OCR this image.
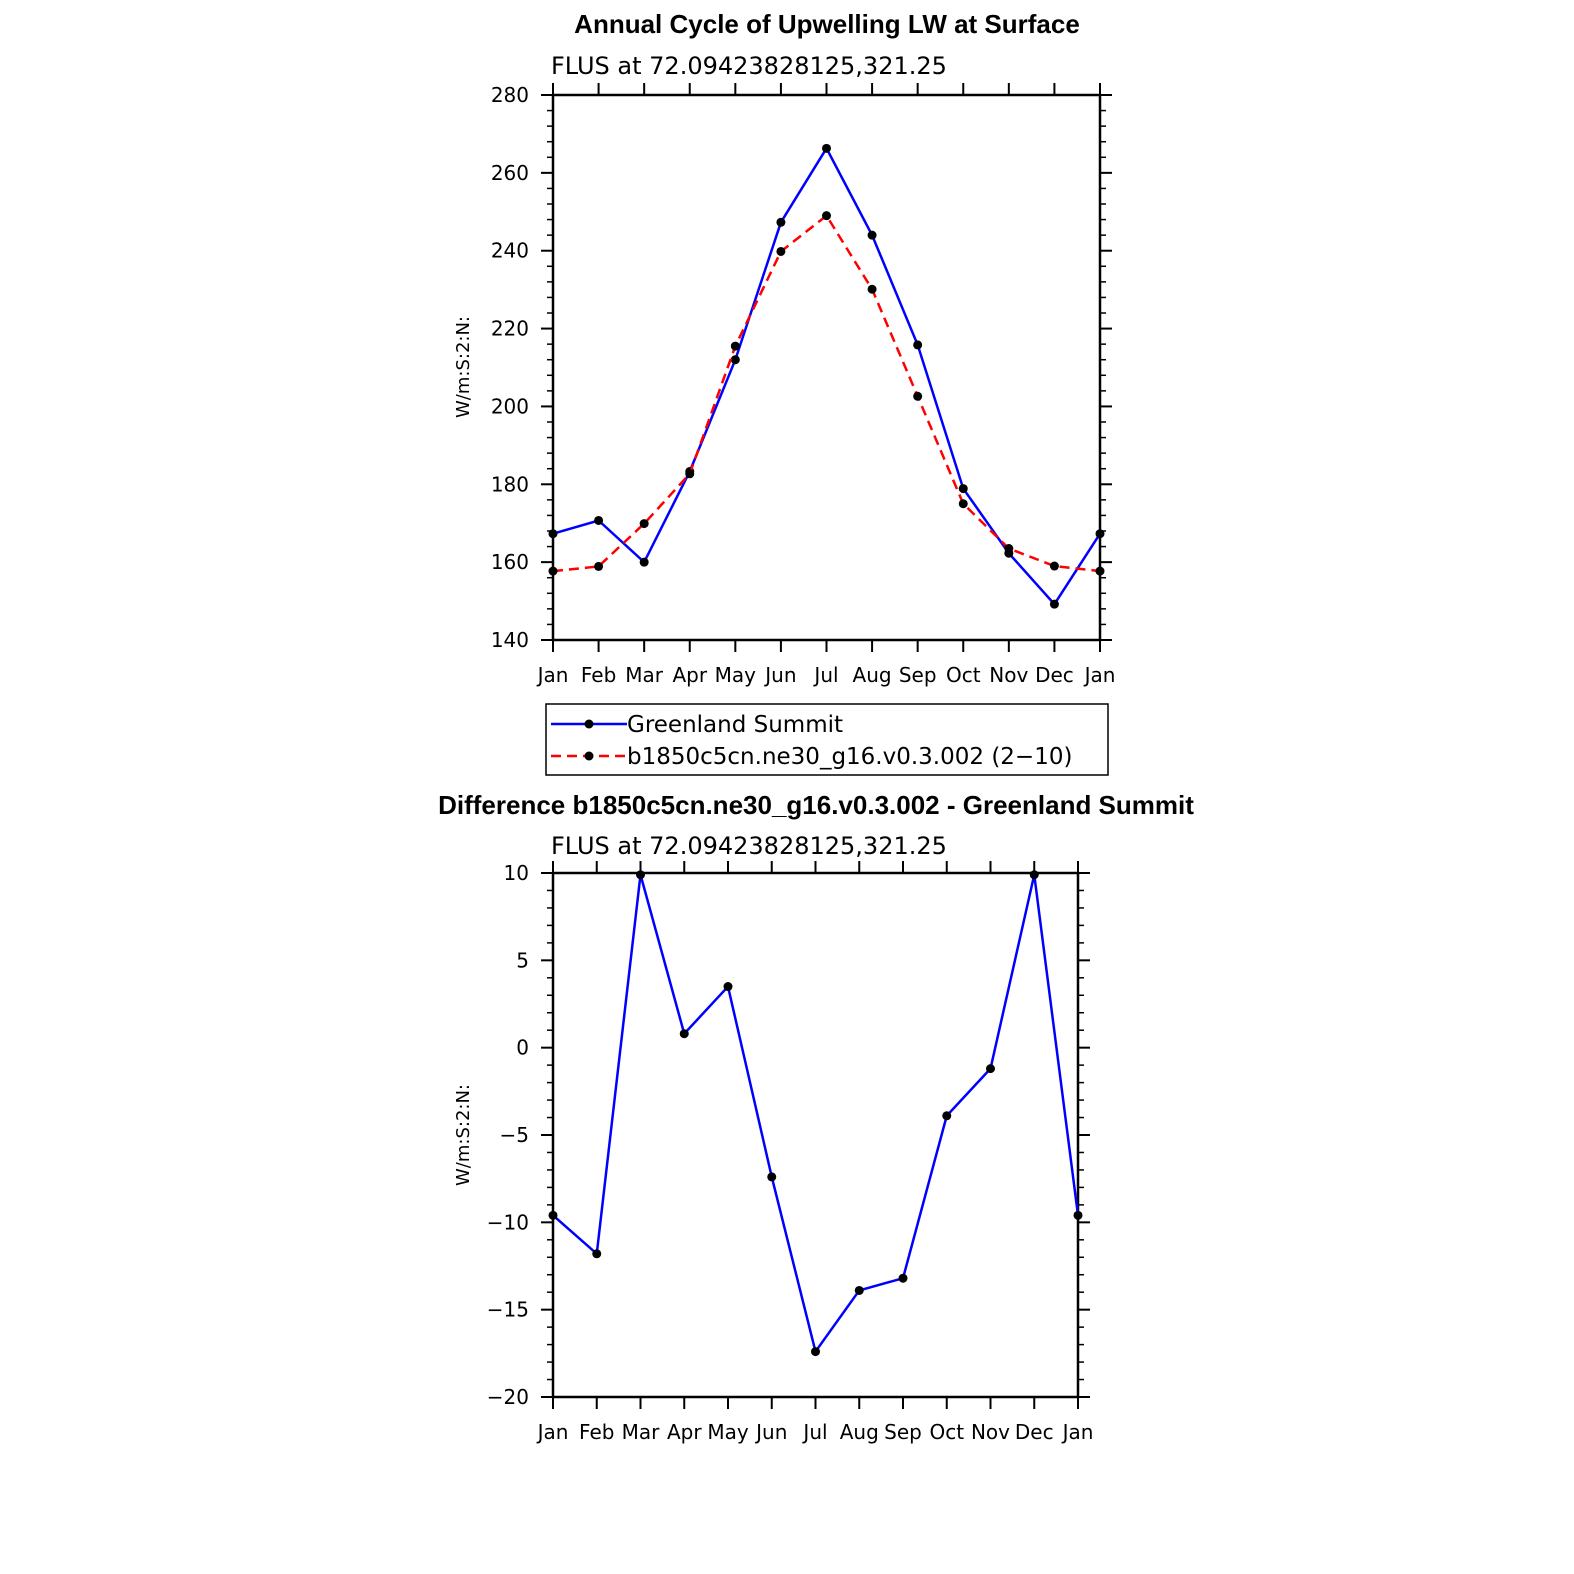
Annual Cycle of Upwelling LW at Surface
FLUS at 72.09423828125,321.25
W/m:S:2:N:
Jan Feb Mar Apr May Jun Jul Aug Sep Oct Nov Dec Jan
140
160
180
200
220
240
260
280
Greenland Summit
b1850c5cn.ne30_g16.v0.3.002 (2−10)
Difference b1850c5cn.ne30_g16.v0.3.002 - Greenland Summit
FLUS at 72.09423828125,321.25
W/m:S:2:N:
Jan Feb Mar Apr May Jun Jul Aug Sep Oct Nov Dec Jan
−20
−15
−10
−5
0
5
10
